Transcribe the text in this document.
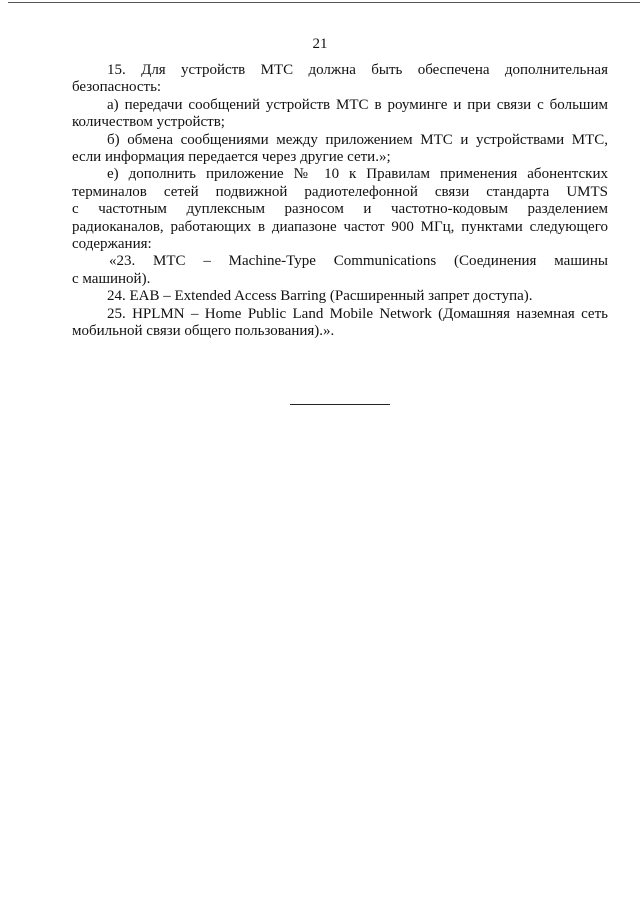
21

15. Для устройств МТС должна быть обеспечена дополнительная
безопасность:

а) передачи сообщений устройств МТС в роуминге и при связи с большим
количеством устройств;

б) обмена сообщениями между приложением МТС и устройствами МТС,
если информация передается через другие сети.»;

е) дополнить приложение № 10 к Правилам применения абонентских
терминалов сетей подвижной радиотелефонной связи стандарта UMTS
с частотным дуплексным разносом и частотно-кодовым разделением
радиоканалов, работающих в диапазоне частот 900 МГц, пунктами следующего
содержания:

«23. МТС – Machine-Type Communications (Соединения машины
с машиной).

24. EAB – Extended Access Barring (Расширенный запрет доступа).

25. HPLMN – Home Public Land Mobile Network (Домашняя наземная сеть
мобильной связи общего пользования).».
